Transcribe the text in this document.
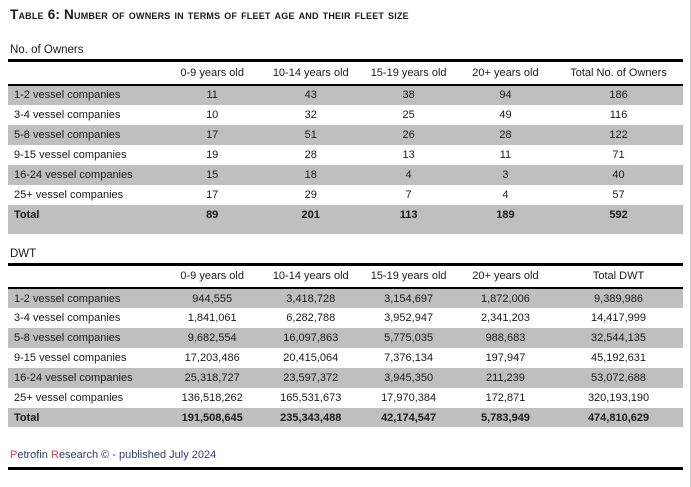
Table 6: Number of owners in terms of fleet age and their fleet size
No. of Owners
	0-9 years old	10-14 years old	15-19 years old	20+ years old	Total No. of Owners
1-2 vessel companies	11	43	38	94	186
3-4 vessel companies	10	32	25	49	116
5-8 vessel companies	17	51	26	28	122
9-15 vessel companies	19	28	13	11	71
16-24 vessel companies	15	18	4	3	40
25+ vessel companies	17	29	7	4	57
Total	89	201	113	189	592
DWT
	0-9 years old	10-14 years old	15-19 years old	20+ years old	Total DWT
1-2 vessel companies	944,555	3,418,728	3,154,697	1,872,006	9,389,986
3-4 vessel companies	1,841,061	6,282,788	3,952,947	2,341,203	14,417,999
5-8 vessel companies	9,682,554	16,097,863	5,775,035	988,683	32,544,135
9-15 vessel companies	17,203,486	20,415,064	7,376,134	197,947	45,192,631
16-24 vessel companies	25,318,727	23,597,372	3,945,350	211,239	53,072,688
25+ vessel companies	136,518,262	165,531,673	17,970,384	172,871	320,193,190
Total	191,508,645	235,343,488	42,174,547	5,783,949	474,810,629
Petrofin Research © - published July 2024
